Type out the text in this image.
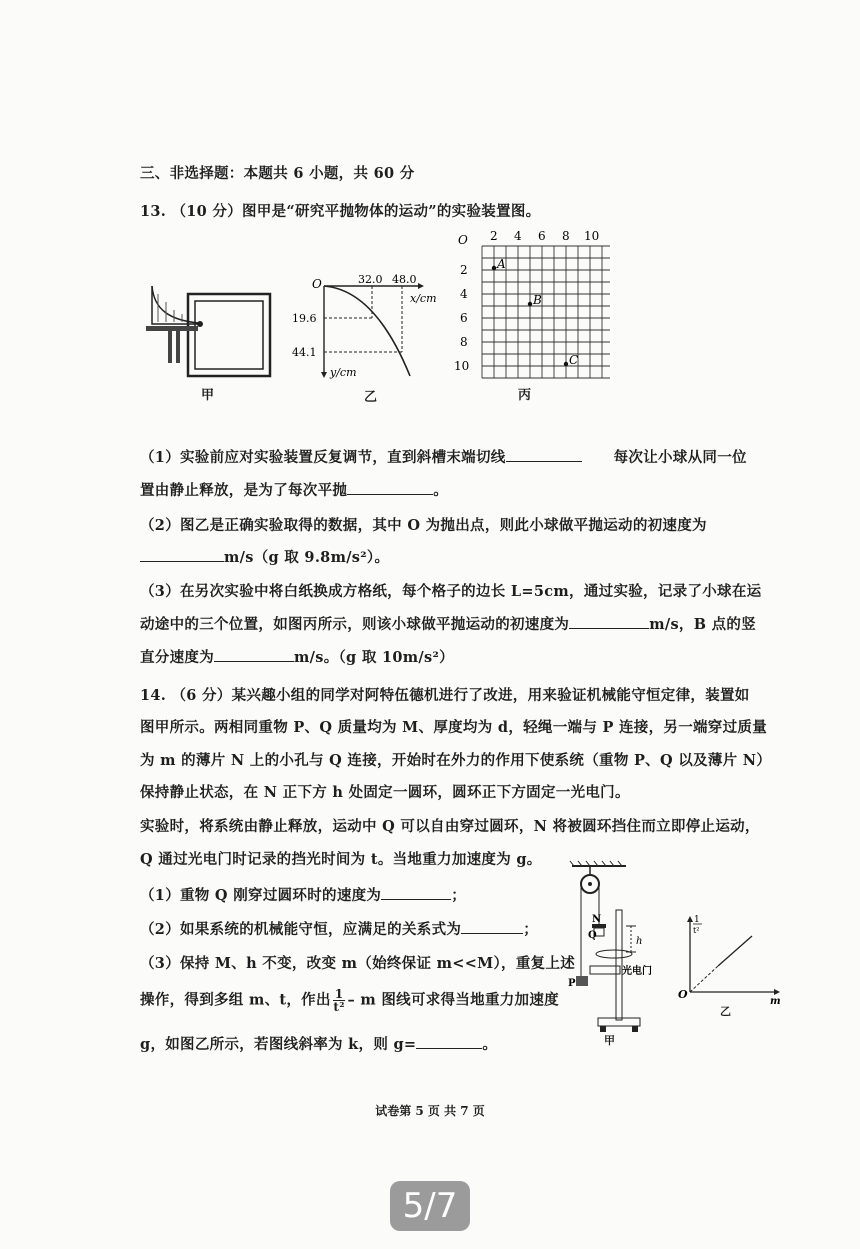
三、非选择题：本题共 6 小题，共 60 分
13. （10 分）图甲是“研究平抛物体的运动”的实验装置图。
甲
O	32.0 48.0
x/cm
19.6
44.1
y/cm
乙
O 2 4 6 8 10
2
4
6
8
10
A
B
C
丙
（1）实验前应对实验装置反复调节，直到斜槽末端切线	每次让小球从同一位
置由静止释放，是为了每次平抛	。
（2）图乙是正确实验取得的数据，其中 O 为抛出点，则此小球做平抛运动的初速度为
m/s（g 取 9.8m/s²）。
（3）在另次实验中将白纸换成方格纸，每个格子的边长 L=5cm，通过实验，记录了小球在运
动途中的三个位置，如图丙所示，则该小球做平抛运动的初速度为	m/s，B 点的竖
直分速度为	m/s。（g 取 10m/s²）
14. （6 分）某兴趣小组的同学对阿特伍德机进行了改进，用来验证机械能守恒定律，装置如
图甲所示。两相同重物 P、Q 质量均为 M、厚度均为 d，轻绳一端与 P 连接，另一端穿过质量
为 m 的薄片 N 上的小孔与 Q 连接，开始时在外力的作用下使系统（重物 P、Q 以及薄片 N）
保持静止状态，在 N 正下方 h 处固定一圆环，圆环正下方固定一光电门。
实验时，将系统由静止释放，运动中 Q 可以自由穿过圆环，N 将被圆环挡住而立即停止运动，
Q 通过光电门时记录的挡光时间为 t。当地重力加速度为 g。
（1）重物 Q 刚穿过圆环时的速度为	；
（2）如果系统的机械能守恒，应满足的关系式为	；
（3）保持 M、h 不变，改变 m（始终保证 m<<M），重复上述
操作，得到多组 m、t，作出 $\frac{1}{\text{t²}}$ – m 图线可求得当地重力加速度
g，如图乙所示，若图线斜率为 k，则 g=	。
N
Q
P
h
光电门
甲
O
m
1
t²
乙
试卷第 5 页 共 7 页
5/7
